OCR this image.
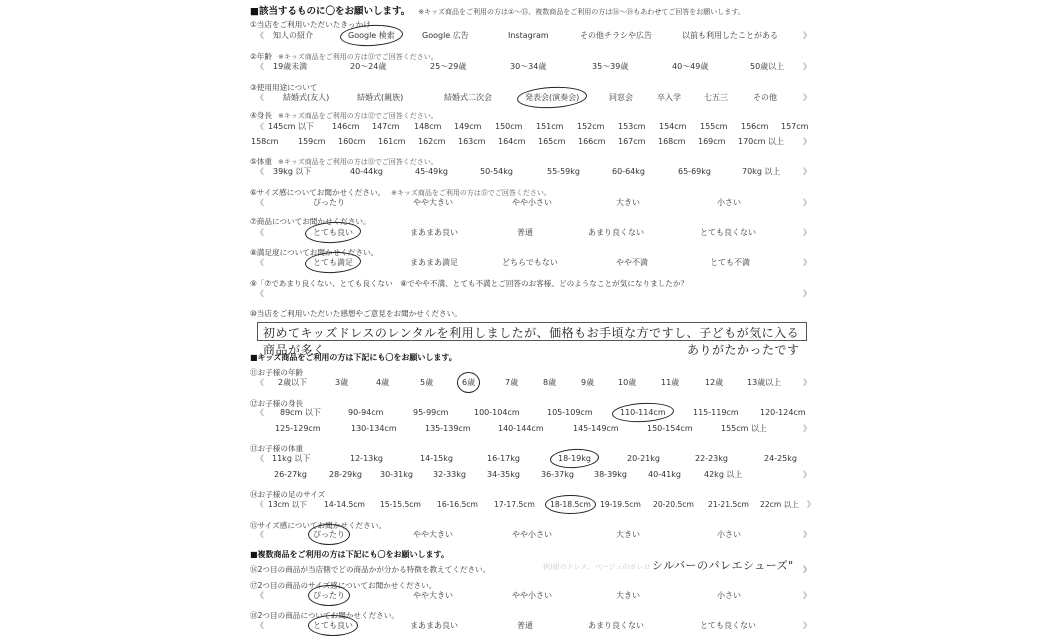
■該当するものに〇をお願いします。 ※キッズ商品をご利用の方は①～⑮、複数商品をご利用の方は⑯～⑱もあわせてご回答をお願いします。
①当店をご利用いただいたきっかけ
《 知人の紹介	Google 検索	Google 広告	Instagram	その他チラシや広告	以前も利用したことがある	》
②年齢 ※キッズ商品をご利用の方は⑪でご回答ください。
《 19歳未満	20～24歳	25～29歳	30～34歳	35～39歳	40～49歳	50歳以上 》
③使用用途について
《 結婚式(友人)	結婚式(親族)	結婚式二次会	発表会(演奏会)	同窓会	卒入学	七五三	その他	》
④身長 ※キッズ商品をご利用の方は⑫でご回答ください。
《 145cm 以下 146cm 147cm 148cm 149cm 150cm 151cm 152cm 153cm 154cm 155cm 156cm 157cm
158cm 159cm 160cm 161cm 162cm 163cm 164cm 165cm 166cm 167cm 168cm 169cm 170cm 以上 》
⑤体重 ※キッズ商品をご利用の方は⑬でご回答ください。
《 39kg 以下	40-44kg	45-49kg	50-54kg	55-59kg	60-64kg	65-69kg	70kg 以上	》
⑥サイズ感についてお聞かせください。 ※キッズ商品をご利用の方は⑮でご回答ください。
《	ぴったり	やや大きい	やや小さい	大きい	小さい	》
⑦商品についてお聞かせください。
《	とても良い	まあまあ良い	普通	あまり良くない	とても良くない	》
⑧満足度についてお聞かせください。
《	とても満足	まあまあ満足	どちらでもない	やや不満	とても不満	》
⑨「⑦であまり良くない、とても良くない　⑧でやや不満、とても不満とご回答のお客様、どのようなことが気になりましたか？
《	》
⑩当店をご利用いただいた感想やご意見をお聞かせください。
初めてキッズドレスのレンタルを利用しましたが、価格もお手頃な方ですし、子どもが気に入る商品が多く	ありがたかったです
■キッズ商品をご利用の方は下記にも〇をお願いします。
⑪お子様の年齢
《 2歳以下	3歳	4歳	5歳	6歳	7歳	8歳	9歳	10歳	11歳	12歳	13歳以上	》
⑫お子様の身長
《 89cm 以下	90-94cm	95-99cm	100-104cm	105-109cm	110-114cm	115-119cm	120-124cm
125-129cm	130-134cm	135-139cm	140-144cm	145-149cm	150-154cm	155cm 以上	》
⑬お子様の体重
《 11kg 以下	12-13kg	14-15kg	16-17kg	18-19kg	20-21kg	22-23kg	24-25kg
26-27kg	28-29kg 30-31kg	32-33kg	34-35kg	36-37kg	38-39kg	40-41kg	42kg 以上	》
⑭お子様の足のサイズ
《 13cm 以下 14-14.5cm 15-15.5cm 16-16.5cm 17-17.5cm 18-18.5cm 19-19.5cm 20-20.5cm 21-21.5cm 22cm 以上 》
⑮サイズ感についてお聞かせください。
《	ぴったり	やや大きい	やや小さい	大きい	小さい	》
■複数商品をご利用の方は下記にも〇をお願いします。
⑯2つ目の商品が当店側でどの商品かが分かる特徴を教えてください。	例)紺のドレス、ベージュのボレロ シルバーのバレエシューズ" 》
⑰2つ目の商品のサイズ感についてお聞かせください。
《	ぴったり	やや大きい	やや小さい	大きい	小さい	》
⑱2つ目の商品についてお聞かせください。
《	とても良い	まあまあ良い	普通	あまり良くない	とても良くない	》
